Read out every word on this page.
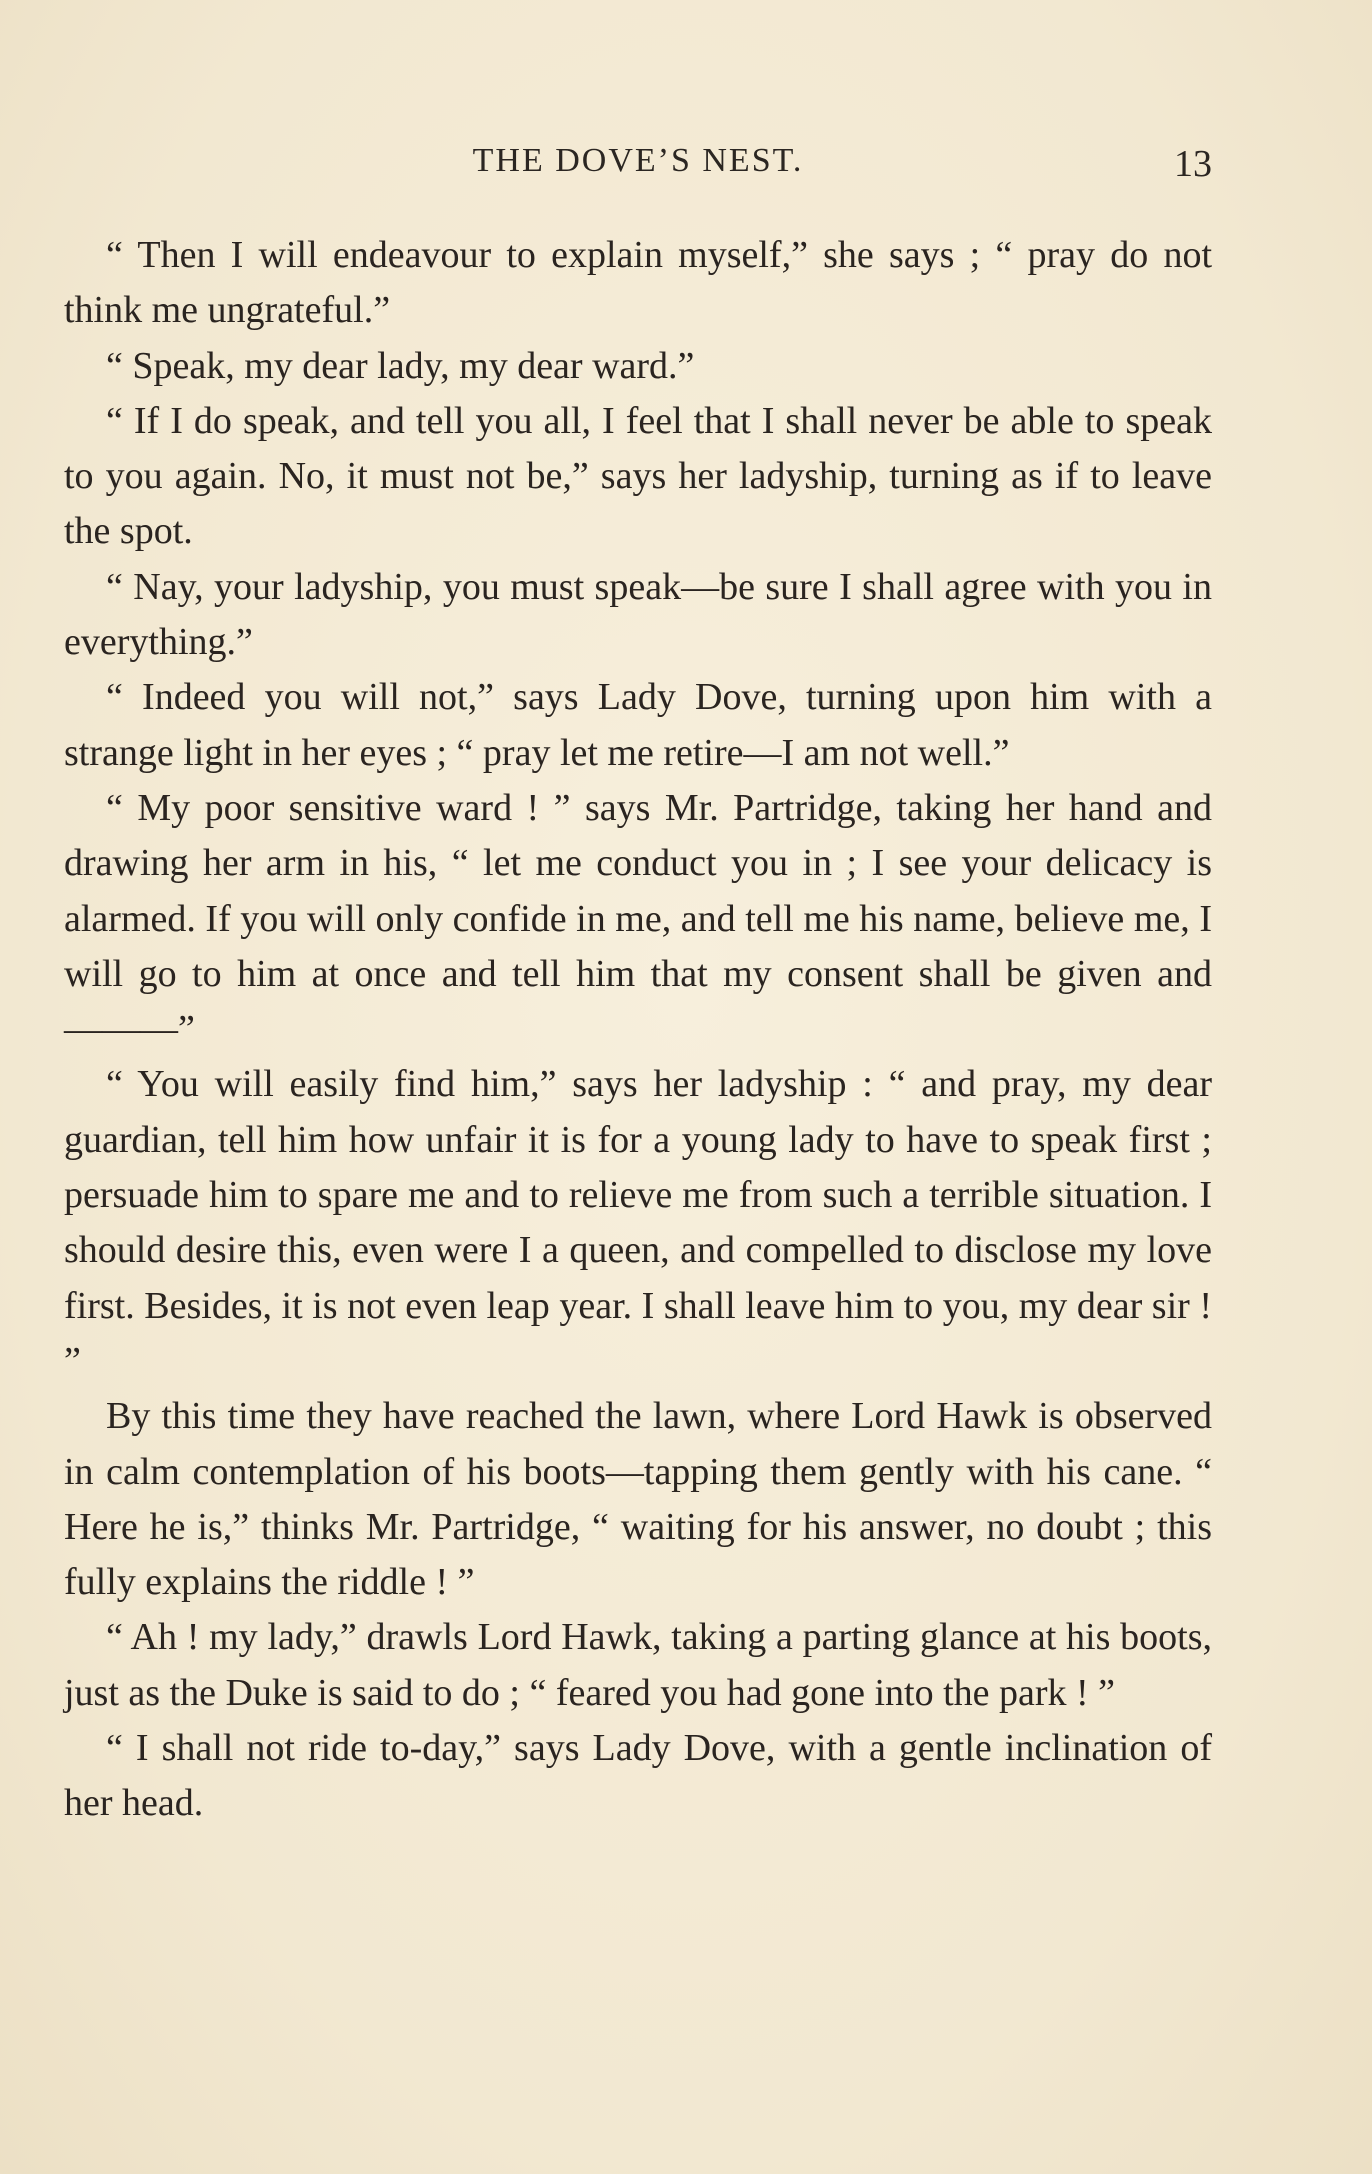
THE DOVE’S NEST.	13

“ Then I will endeavour to explain myself,” she says ; “ pray do not think me ungrateful.”

“ Speak, my dear lady, my dear ward.”

“ If I do speak, and tell you all, I feel that I shall never be able to speak to you again. No, it must not be,” says her ladyship, turning as if to leave the spot.

“ Nay, your ladyship, you must speak—be sure I shall agree with you in everything.”

“ Indeed you will not,” says Lady Dove, turning upon him with a strange light in her eyes ; “ pray let me retire—I am not well.”

“ My poor sensitive ward ! ” says Mr. Partridge, taking her hand and drawing her arm in his, “ let me conduct you in ; I see your delicacy is alarmed. If you will only confide in me, and tell me his name, believe me, I will go to him at once and tell him that my consent shall be given and———”

“ You will easily find him,” says her ladyship : “ and pray, my dear guardian, tell him how unfair it is for a young lady to have to speak first ; persuade him to spare me and to relieve me from such a terrible situation. I should desire this, even were I a queen, and compelled to disclose my love first. Besides, it is not even leap year. I shall leave him to you, my dear sir ! ”

By this time they have reached the lawn, where Lord Hawk is observed in calm contemplation of his boots—tapping them gently with his cane. “ Here he is,” thinks Mr. Partridge, “ waiting for his answer, no doubt ; this fully explains the riddle ! ”

“ Ah ! my lady,” drawls Lord Hawk, taking a parting glance at his boots, just as the Duke is said to do ; “ feared you had gone into the park ! ”

“ I shall not ride to-day,” says Lady Dove, with a gentle inclination of her head.
